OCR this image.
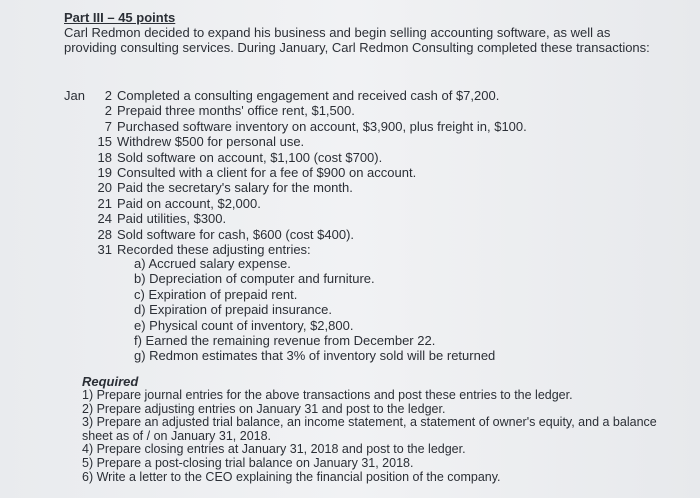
Part III – 45 points
Carl Redmon decided to expand his business and begin selling accounting software, as well as providing consulting services. During January, Carl Redmon Consulting completed these transactions:
Jan	2 Completed a consulting engagement and received cash of $7,200.
2 Prepaid three months' office rent, $1,500.
7 Purchased software inventory on account, $3,900, plus freight in, $100.
15 Withdrew $500 for personal use.
18 Sold software on account, $1,100 (cost $700).
19 Consulted with a client for a fee of $900 on account.
20 Paid the secretary's salary for the month.
21 Paid on account, $2,000.
24 Paid utilities, $300.
28 Sold software for cash, $600 (cost $400).
31 Recorded these adjusting entries:
a) Accrued salary expense.
b) Depreciation of computer and furniture.
c) Expiration of prepaid rent.
d) Expiration of prepaid insurance.
e) Physical count of inventory, $2,800.
f) Earned the remaining revenue from December 22.
g) Redmon estimates that 3% of inventory sold will be returned
Required
1) Prepare journal entries for the above transactions and post these entries to the ledger.
2) Prepare adjusting entries on January 31 and post to the ledger.
3) Prepare an adjusted trial balance, an income statement, a statement of owner's equity, and a balance sheet as of / on January 31, 2018.
4) Prepare closing entries at January 31, 2018 and post to the ledger.
5) Prepare a post-closing trial balance on January 31, 2018.
6) Write a letter to the CEO explaining the financial position of the company.
